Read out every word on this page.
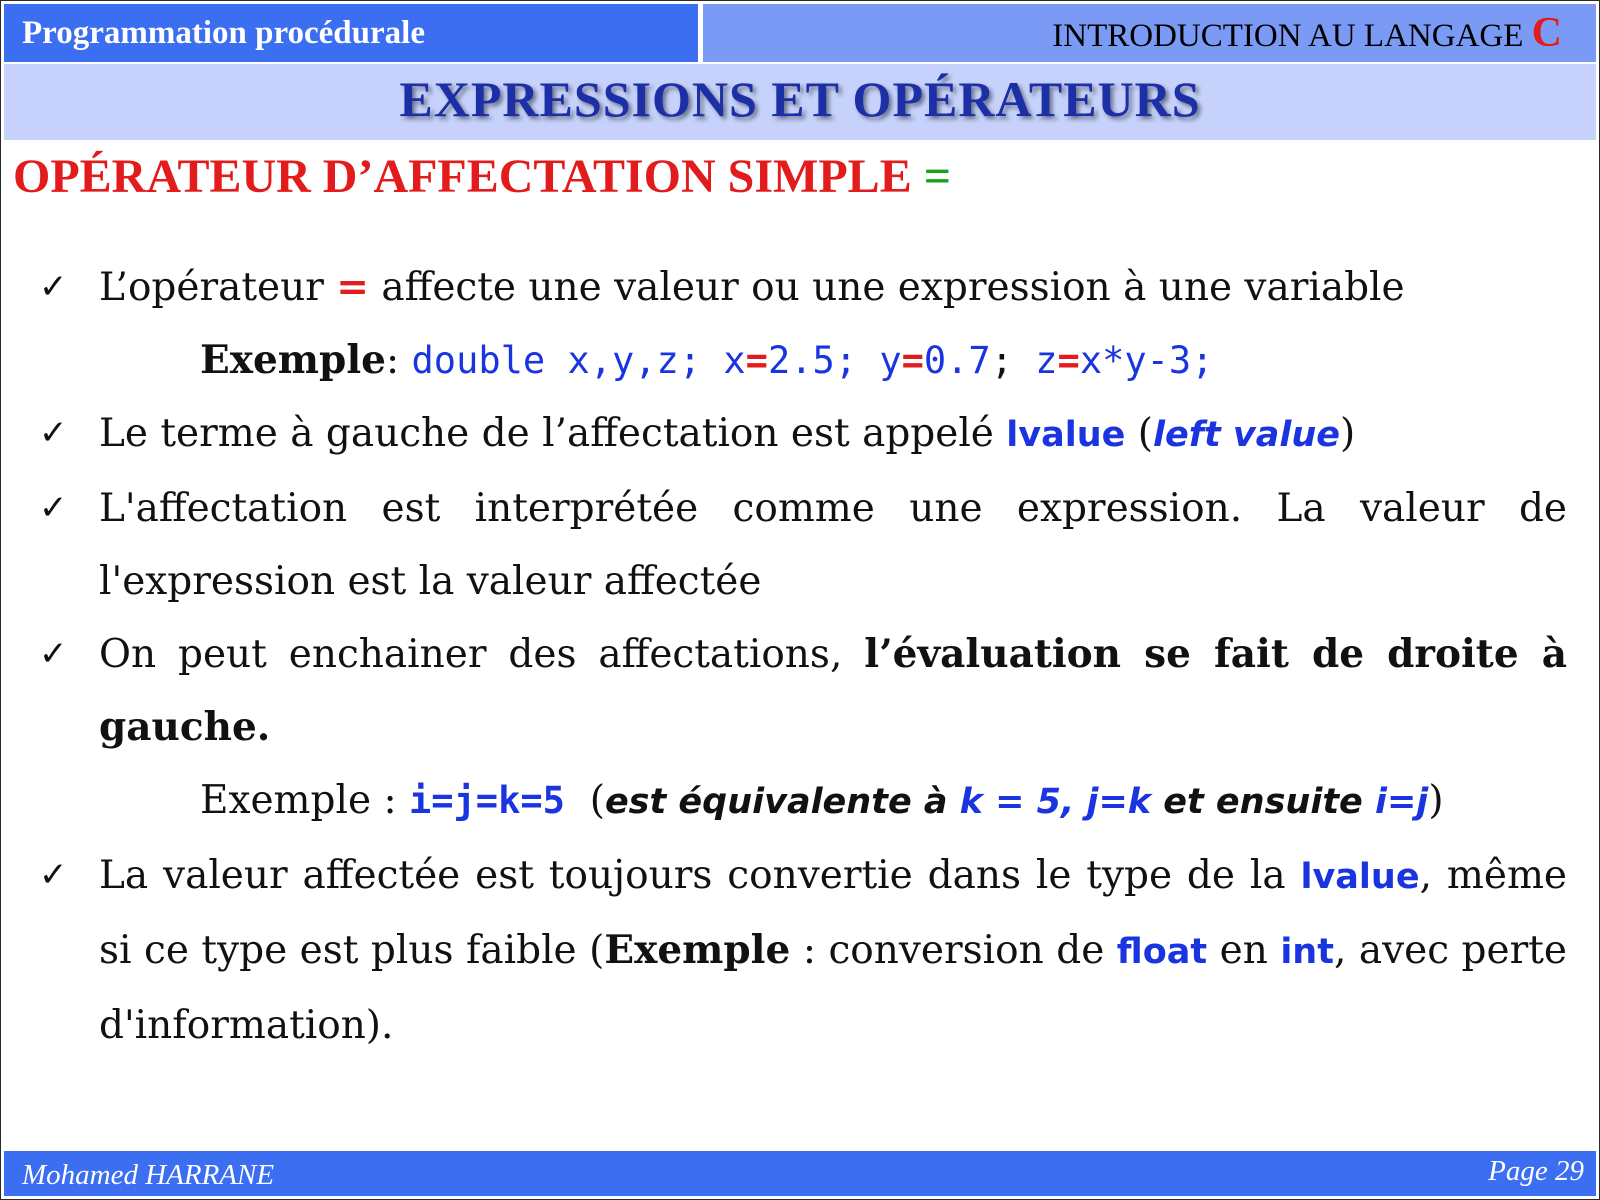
Programmation procédurale	INTRODUCTION AU LANGAGE C
EXPRESSIONS ET OPÉRATEURS
OPÉRATEUR D’AFFECTATION SIMPLE =
✓ L’opérateur = affecte une valeur ou une expression à une variable
Exemple: double x,y,z; x=2.5; y=0.7; z=x*y-3;
✓ Le terme à gauche de l’affectation est appelé lvalue (left value)
✓ L'affectation est interprétée comme une expression. La valeur de l'expression est la valeur affectée
✓ On peut enchainer des affectations, l’évaluation se fait de droite à gauche.
Exemple : i=j=k=5  (est équivalente à k = 5, j=k et ensuite i=j)
✓ La valeur affectée est toujours convertie dans le type de la lvalue, même si ce type est plus faible (Exemple : conversion de float en int, avec perte d'information).
Mohamed HARRANE	Page 29
